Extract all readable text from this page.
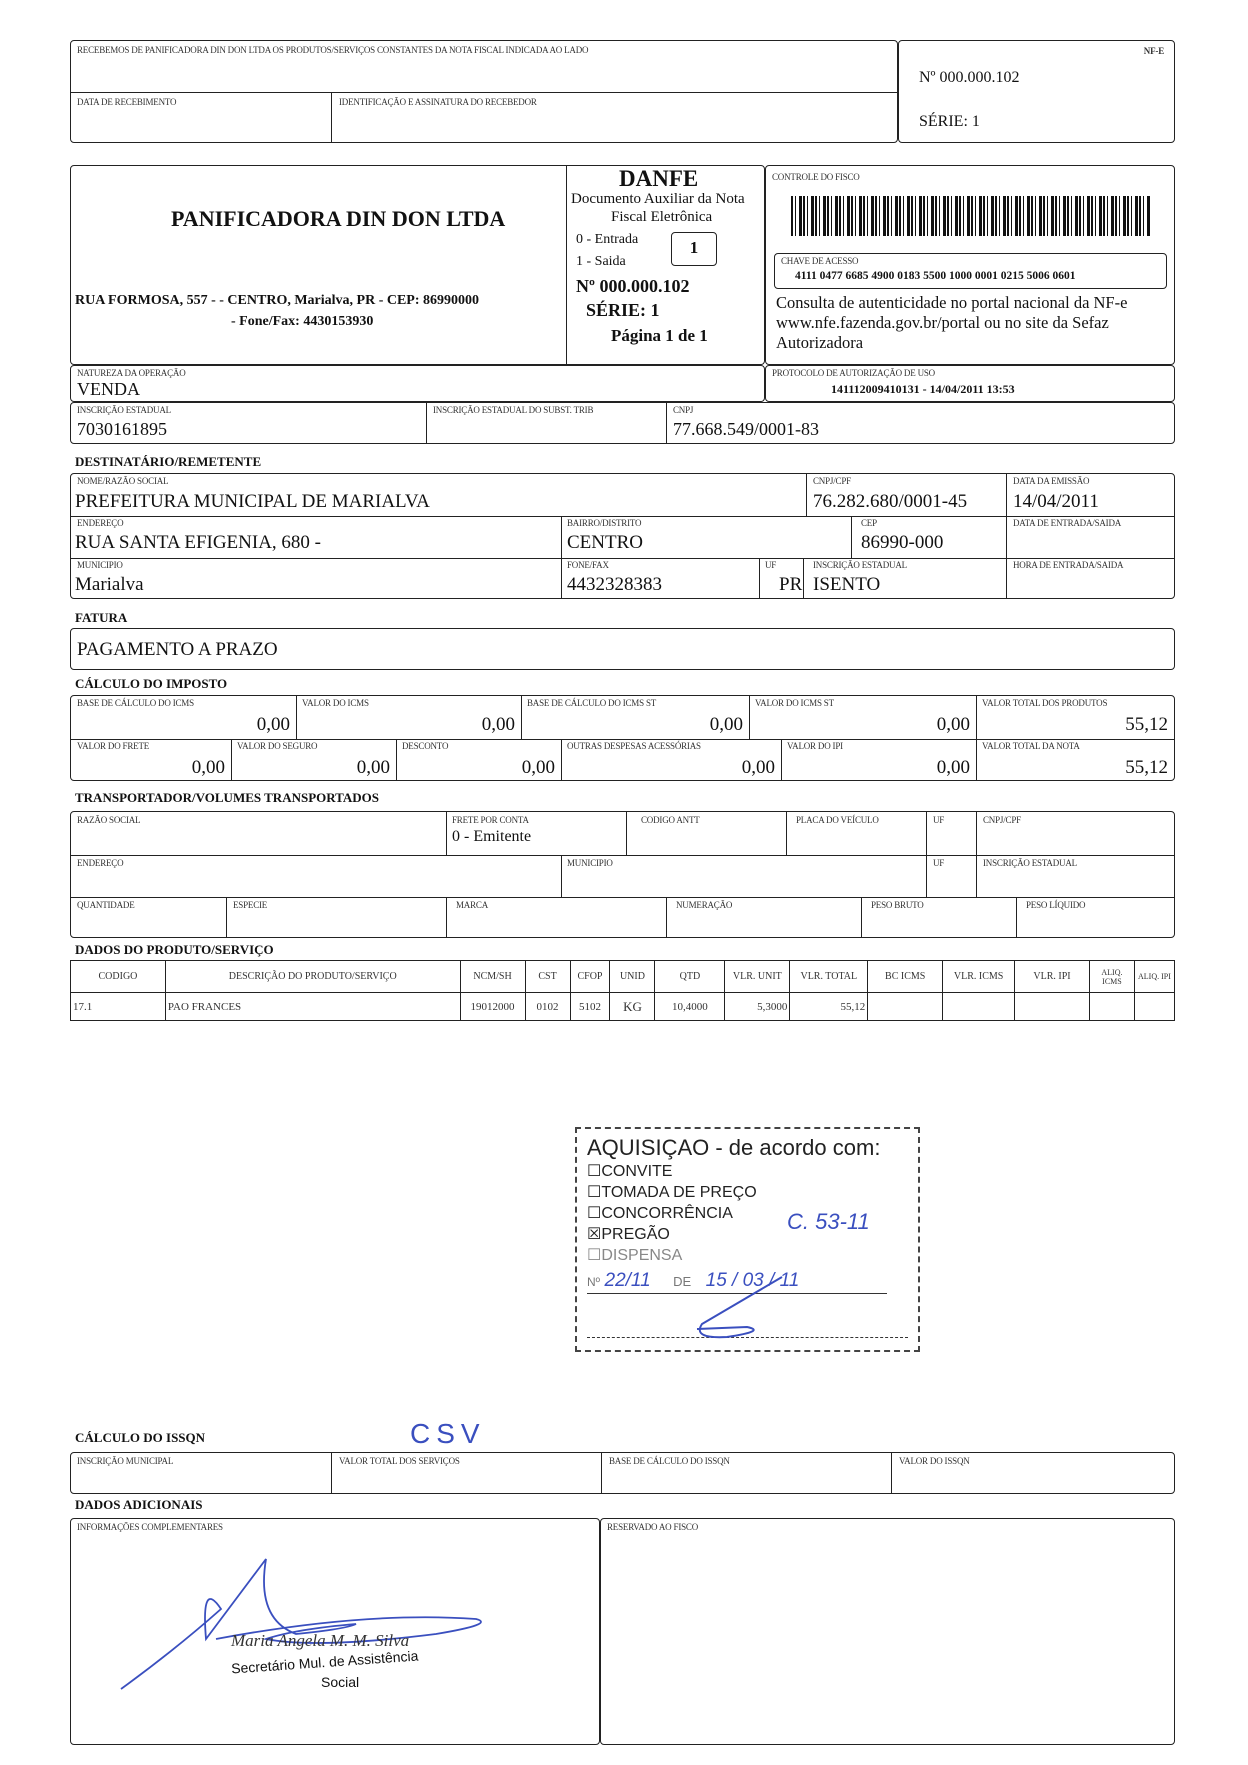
RECEBEMOS DE PANIFICADORA DIN DON LTDA OS PRODUTOS/SERVIÇOS CONSTANTES DA NOTA FISCAL INDICADA AO LADO
DATA DE RECEBIMENTO	IDENTIFICAÇÃO E ASSINATURA DO RECEBEDOR
NF-E
Nº 000.000.102
SÉRIE: 1
PANIFICADORA DIN DON LTDA
RUA FORMOSA, 557 - - CENTRO, Marialva, PR - CEP: 86990000
- Fone/Fax: 4430153930
DANFE
Documento Auxiliar da Nota
Fiscal Eletrônica
0 - Entrada
1 - Saida
1
Nº 000.000.102
SÉRIE: 1
Página 1 de 1
CONTROLE DO FISCO
CHAVE DE ACESSO
4111 0477 6685 4900 0183 5500 1000 0001 0215 5006 0601
Consulta de autenticidade no portal nacional da NF-e www.nfe.fazenda.gov.br/portal ou no site da Sefaz Autorizadora
NATUREZA DA OPERAÇÃO
VENDA
PROTOCOLO DE AUTORIZAÇÃO DE USO
141112009410131 - 14/04/2011 13:53
INSCRIÇÃO ESTADUAL
7030161895
INSCRIÇÃO ESTADUAL DO SUBST. TRIB	CNPJ
77.668.549/0001-83
DESTINATÁRIO/REMETENTE
NOME/RAZÃO SOCIAL
PREFEITURA MUNICIPAL DE MARIALVA
CNPJ/CPF
76.282.680/0001-45
DATA DA EMISSÃO
14/04/2011
ENDEREÇO
RUA SANTA EFIGENIA, 680 -
BAIRRO/DISTRITO
CENTRO
CEP
86990-000
DATA DE ENTRADA/SAIDA
MUNICIPIO
Marialva
FONE/FAX
4432328383
UF
PR
INSCRIÇÃO ESTADUAL
ISENTO
HORA DE ENTRADA/SAIDA
FATURA
PAGAMENTO A PRAZO
CÁLCULO DO IMPOSTO
BASE DE CÁLCULO DO ICMS
0,00
VALOR DO ICMS
0,00
BASE DE CÁLCULO DO ICMS ST
0,00
VALOR DO ICMS ST
0,00
VALOR TOTAL DOS PRODUTOS
55,12
VALOR DO FRETE
0,00
VALOR DO SEGURO
0,00
DESCONTO
0,00
OUTRAS DESPESAS ACESSÓRIAS
0,00
VALOR DO IPI
0,00
VALOR TOTAL DA NOTA
55,12
TRANSPORTADOR/VOLUMES TRANSPORTADOS
RAZÃO SOCIAL	FRETE POR CONTA
0 - Emitente
CODIGO ANTT	PLACA DO VEÍCULO	UF	CNPJ/CPF
ENDEREÇO	MUNICIPIO	UF	INSCRIÇÃO ESTADUAL
QUANTIDADE	ESPECIE	MARCA	NUMERAÇÃO	PESO BRUTO	PESO LÍQUIDO
DADOS DO PRODUTO/SERVIÇO
CODIGO	DESCRIÇÃO DO PRODUTO/SERVIÇO	NCM/SH	CST	CFOP	UNID	QTD	VLR. UNIT	VLR. TOTAL	BC ICMS	VLR. ICMS	VLR. IPI	ALIQ. ICMS	ALIQ. IPI
17.1	PAO FRANCES	19012000	0102	5102	KG	10,4000	5,3000	55,12					
AQUISIÇAO - de acordo com:
☐CONVITE
☐TOMADA DE PREÇO
☐CONCORRÊNCIA
☒PREGÃO
☐DISPENSA
Nº 22/11 DE 15 / 03 / 11
C. 53-11
CSV
CÁLCULO DO ISSQN
INSCRIÇÃO MUNICIPAL	VALOR TOTAL DOS SERVIÇOS	BASE DE CÁLCULO DO ISSQN	VALOR DO ISSQN
DADOS ADICIONAIS
INFORMAÇÕES COMPLEMENTARES
Maria Angela M. M. Silva
Secretário Mul. de Assistência
Social
RESERVADO AO FISCO
